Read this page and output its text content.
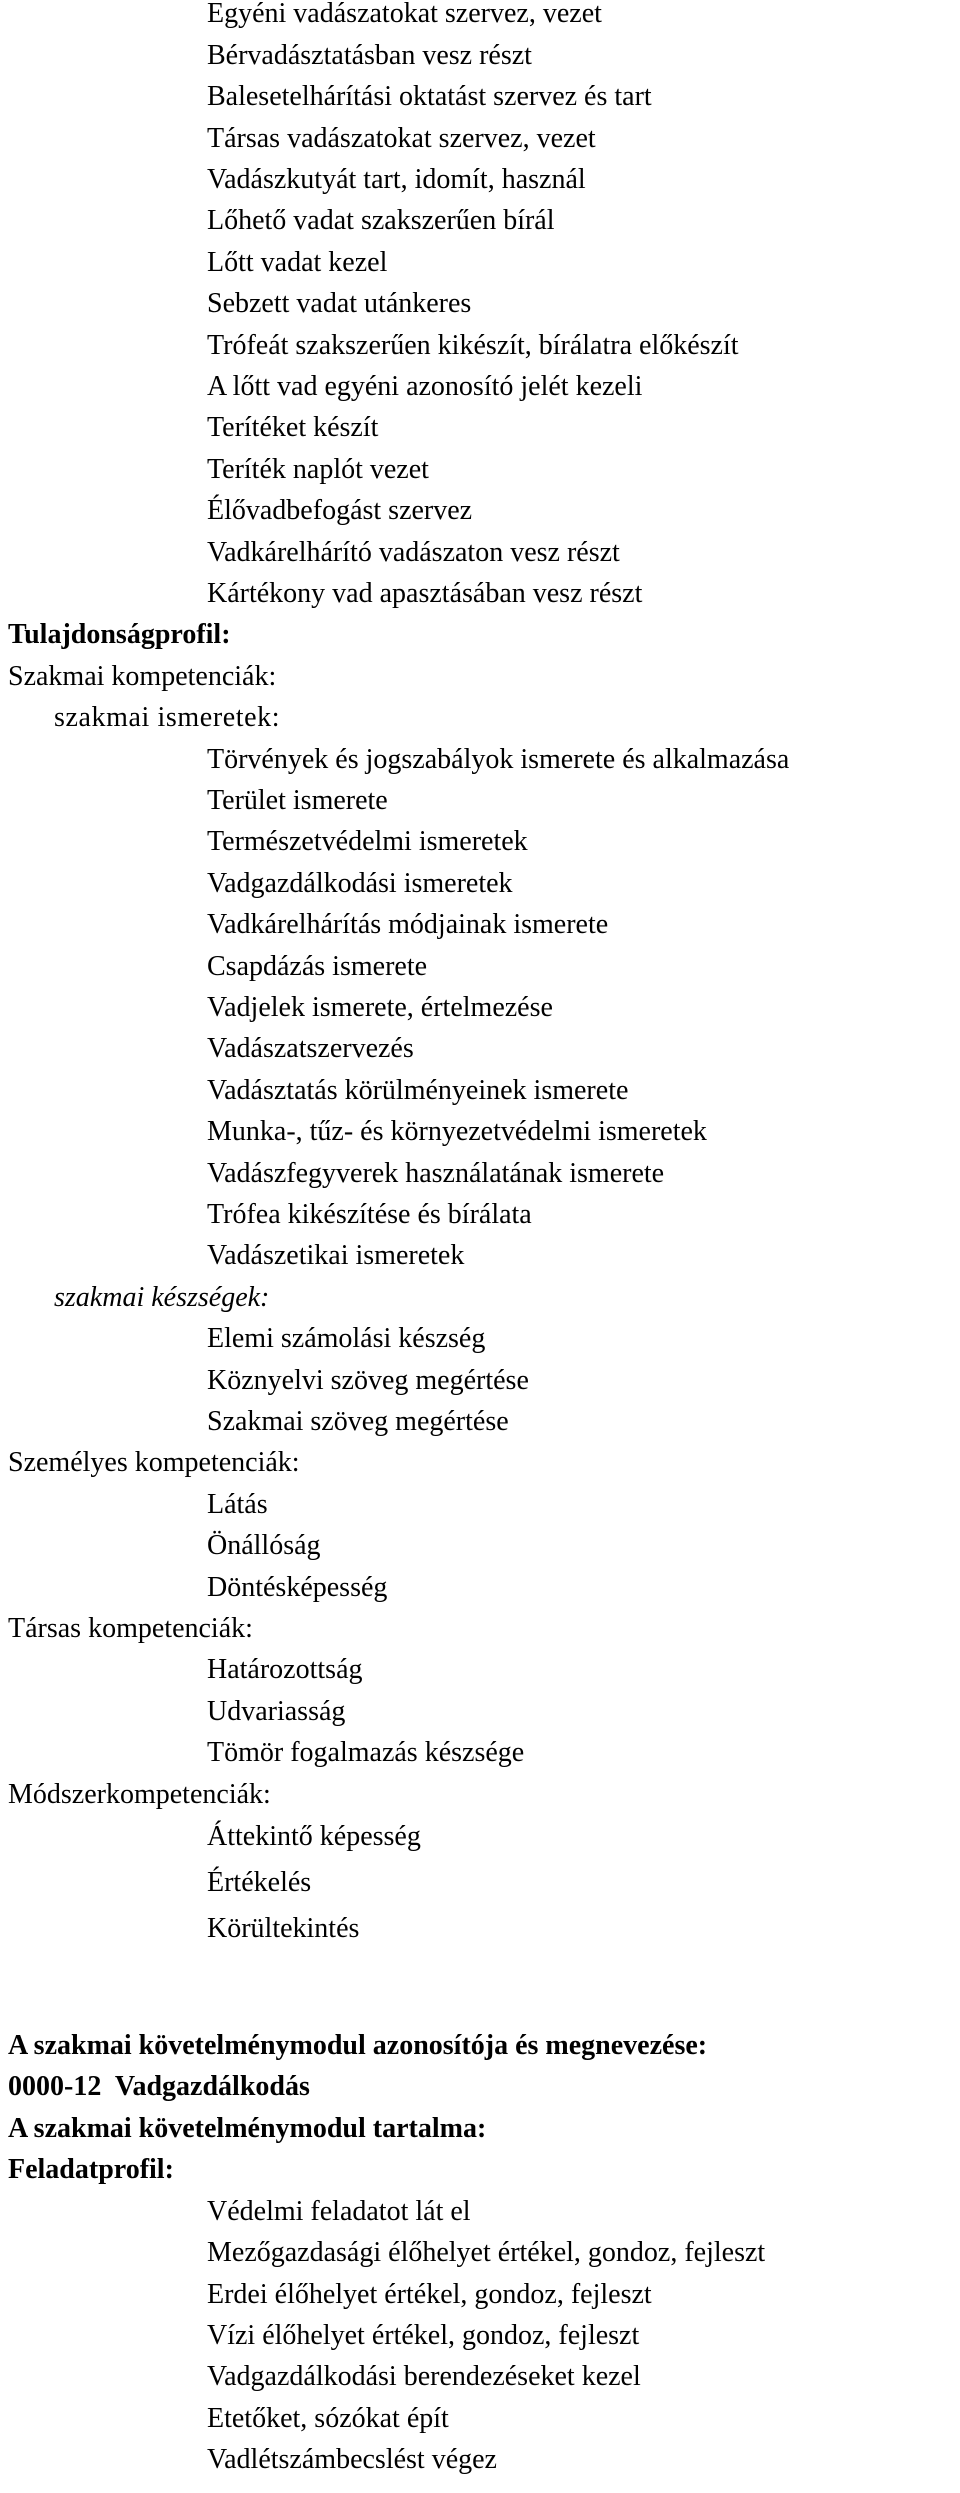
Egyéni vadászatokat szervez, vezet
Bérvadásztatásban vesz részt
Balesetelhárítási oktatást szervez és tart
Társas vadászatokat szervez, vezet
Vadászkutyát tart, idomít, használ
Lőhető vadat szakszerűen bírál
Lőtt vadat kezel
Sebzett vadat utánkeres
Trófeát szakszerűen kikészít, bírálatra előkészít
A lőtt vad egyéni azonosító jelét kezeli
Terítéket készít
Teríték naplót vezet
Élővadbefogást szervez
Vadkárelhárító vadászaton vesz részt
Kártékony vad apasztásában vesz részt
Tulajdonságprofil:
Szakmai kompetenciák:
szakmai ismeretek:
Törvények és jogszabályok ismerete és alkalmazása
Terület ismerete
Természetvédelmi ismeretek
Vadgazdálkodási ismeretek
Vadkárelhárítás módjainak ismerete
Csapdázás ismerete
Vadjelek ismerete, értelmezése
Vadászatszervezés
Vadásztatás körülményeinek ismerete
Munka-, tűz- és környezetvédelmi ismeretek
Vadászfegyverek használatának ismerete
Trófea kikészítése és bírálata
Vadászetikai ismeretek
szakmai készségek:
Elemi számolási készség
Köznyelvi szöveg megértése
Szakmai szöveg megértése
Személyes kompetenciák:
Látás
Önállóság
Döntésképesség
Társas kompetenciák:
Határozottság
Udvariasság
Tömör fogalmazás készsége
Módszerkompetenciák:
Áttekintő képesség
Értékelés
Körültekintés
A szakmai követelménymodul azonosítója és megnevezése:
0000-12  Vadgazdálkodás
A szakmai követelménymodul tartalma:
Feladatprofil:
Védelmi feladatot lát el
Mezőgazdasági élőhelyet értékel, gondoz, fejleszt
Erdei élőhelyet értékel, gondoz, fejleszt
Vízi élőhelyet értékel, gondoz, fejleszt
Vadgazdálkodási berendezéseket kezel
Etetőket, sózókat épít
Vadlétszámbecslést végez
